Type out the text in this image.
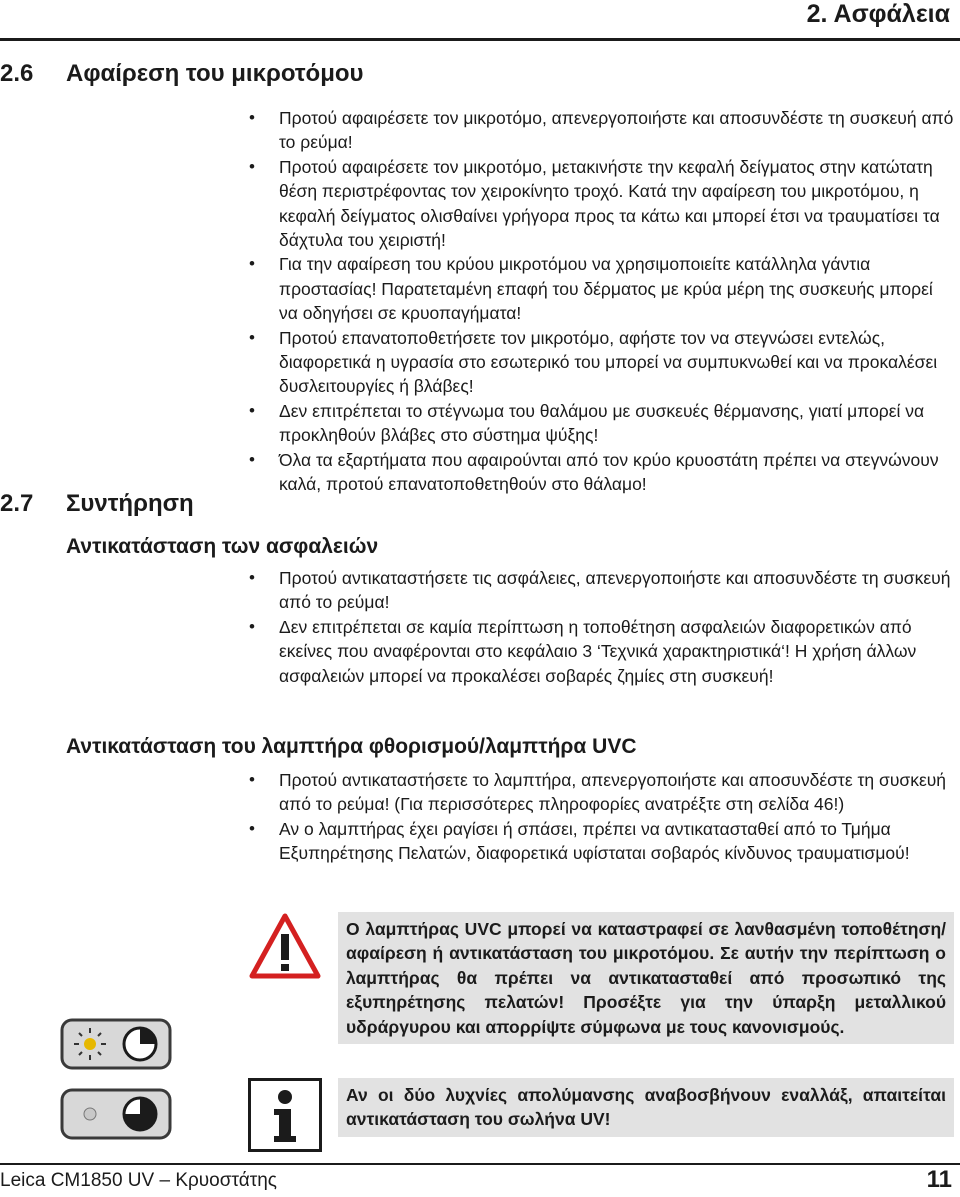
2. Ασφάλεια
2.6 Αφαίρεση του μικροτόμου
• Προτού αφαιρέσετε τον μικροτόμο, απενεργοποιήστε και αποσυνδέστε τη συσκευή από το ρεύμα!
• Προτού αφαιρέσετε τον μικροτόμο, μετακινήστε την κεφαλή δείγματος στην κατώτατη θέση περιστρέφοντας τον χειροκίνητο τροχό. Κατά την αφαίρεση του μικροτόμου, η κεφαλή δείγματος ολισθαίνει γρήγορα προς τα κάτω και μπορεί έτσι να τραυματίσει τα δάχτυλα του χειριστή!
• Για την αφαίρεση του κρύου μικροτόμου να χρησιμοποιείτε κατάλληλα γάντια προστασίας! Παρατεταμένη επαφή του δέρματος με κρύα μέρη της συσκευής μπορεί να οδηγήσει σε κρυοπαγήματα!
• Προτού επανατοποθετήσετε τον μικροτόμο, αφήστε τον να στεγνώσει εντελώς, διαφορετικά η υγρασία στο εσωτερικό του μπορεί να συμπυκνωθεί και να προκαλέσει δυσλειτουργίες ή βλάβες!
• Δεν επιτρέπεται το στέγνωμα του θαλάμου με συσκευές θέρμανσης, γιατί μπορεί να προκληθούν βλάβες στο σύστημα ψύξης!
• Όλα τα εξαρτήματα που αφαιρούνται από τον κρύο κρυοστάτη πρέπει να στεγνώνουν καλά, προτού επανατοποθετηθούν στο θάλαμο!
2.7 Συντήρηση
Αντικατάσταση των ασφαλειών
• Προτού αντικαταστήσετε τις ασφάλειες, απενεργοποιήστε και αποσυνδέστε τη συσκευή από το ρεύμα!
• Δεν επιτρέπεται σε καμία περίπτωση η τοποθέτηση ασφαλειών διαφορετικών από εκείνες που αναφέρονται στο κεφάλαιο 3 ‘Τεχνικά χαρακτηριστικά‘! Η χρήση άλλων ασφαλειών μπορεί να προκαλέσει σοβαρές ζημίες στη συσκευή!
Αντικατάσταση του λαμπτήρα φθορισμού/λαμπτήρα UVC
• Προτού αντικαταστήσετε το λαμπτήρα, απενεργοποιήστε και αποσυνδέστε τη συσκευή από το ρεύμα! (Για περισσότερες πληροφορίες ανατρέξτε στη σελίδα 46!)
• Αν ο λαμπτήρας έχει ραγίσει ή σπάσει, πρέπει να αντικατασταθεί από το Τμήμα Εξυπηρέτησης Πελατών, διαφορετικά υφίσταται σοβαρός κίνδυνος τραυματισμού!
Ο λαμπτήρας UVC μπορεί να καταστραφεί σε λανθασμένη τοποθέτηση/αφαίρεση ή αντικατάσταση του μικροτόμου. Σε αυτήν την περίπτωση ο λαμπτήρας θα πρέπει να αντικατασταθεί από προσωπικό της εξυπηρέτησης πελατών! Προσέξτε για την ύπαρξη μεταλλικού υδράργυρου και απορρίψτε σύμφωνα με τους κανονισμούς.
Αν οι δύο λυχνίες απολύμανσης αναβοσβήνουν εναλλάξ, απαιτείται αντικατάσταση του σωλήνα UV!
Leica CM1850 UV – Κρυοστάτης	11
